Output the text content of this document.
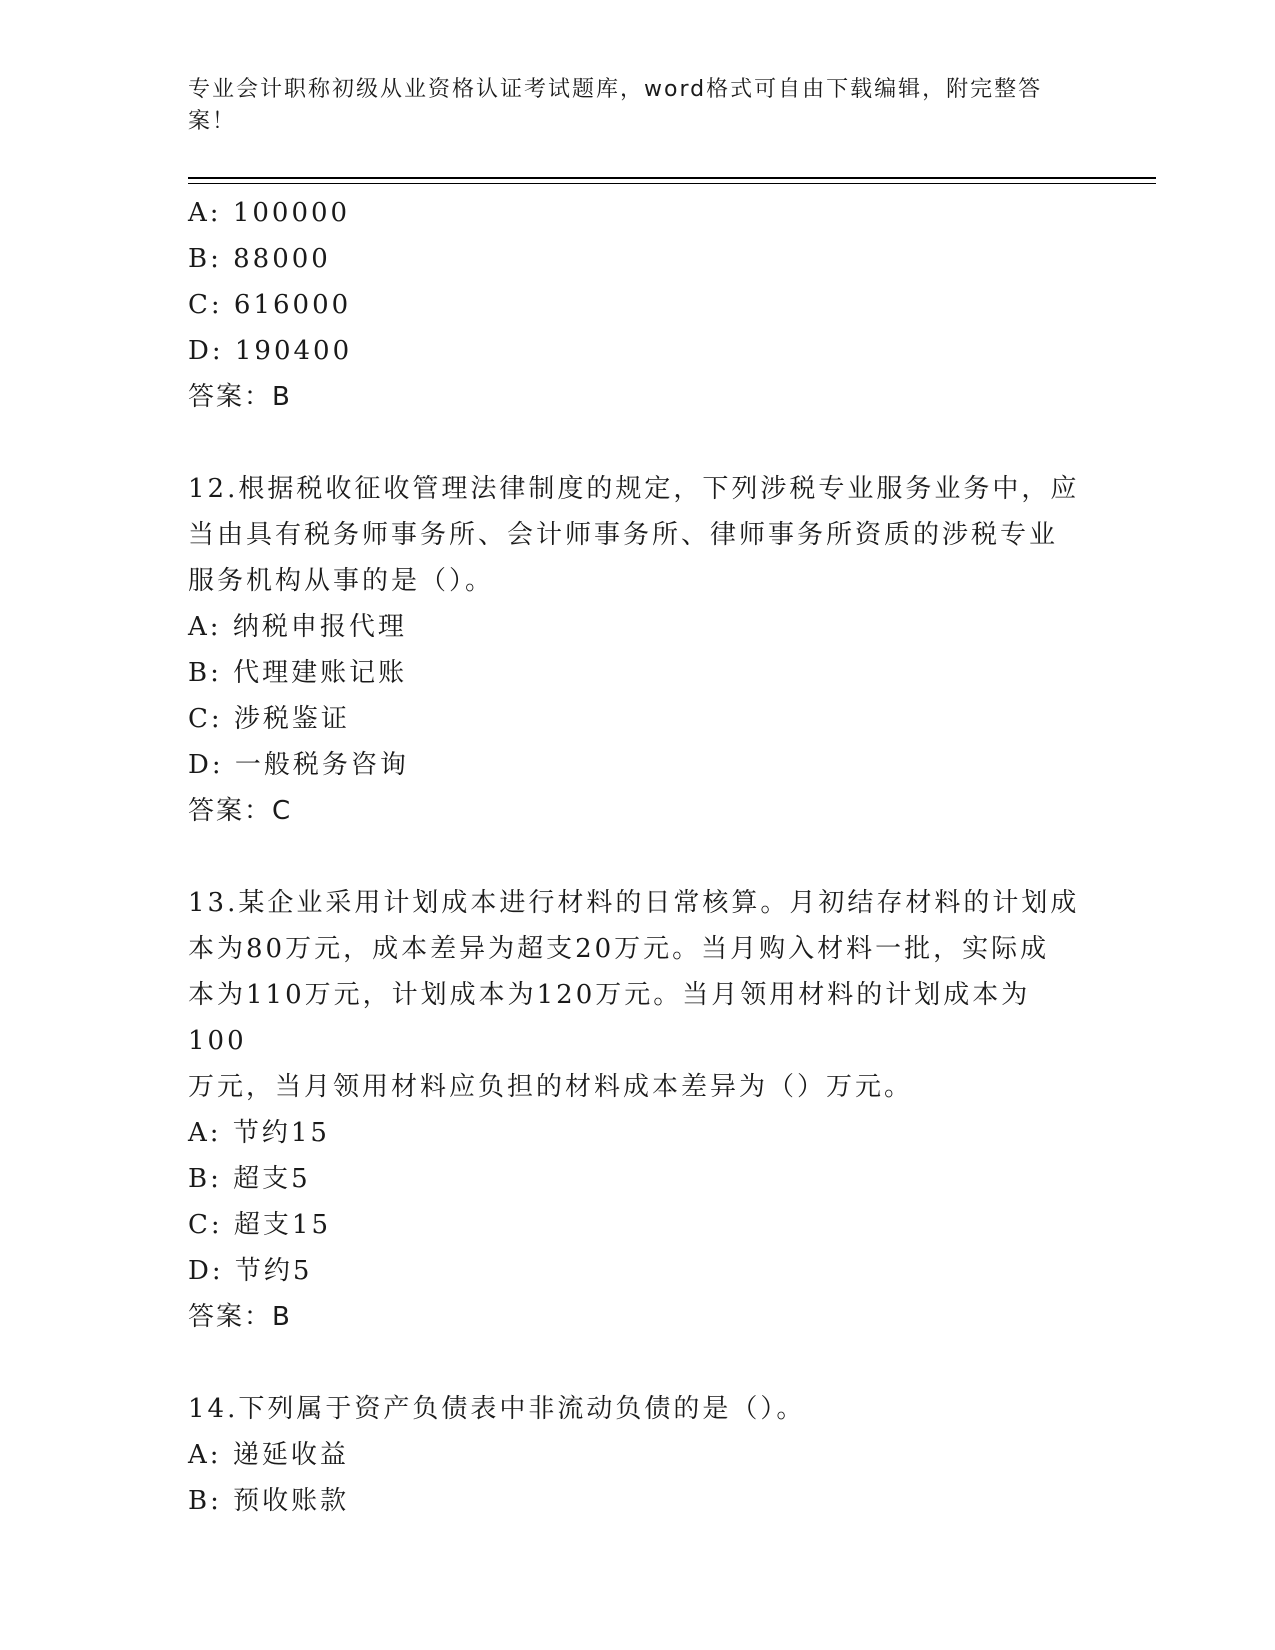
专业会计职称初级从业资格认证考试题库，word格式可自由下载编辑，附完整答
案！
A: 100000
B: 88000
C: 616000
D: 190400
答案：B
12.根据税收征收管理法律制度的规定，下列涉税专业服务业务中，应
当由具有税务师事务所、会计师事务所、律师事务所资质的涉税专业
服务机构从事的是（）。
A: 纳税申报代理
B: 代理建账记账
C: 涉税鉴证
D: 一般税务咨询
答案：C
13.某企业采用计划成本进行材料的日常核算。月初结存材料的计划成
本为80万元，成本差异为超支20万元。当月购入材料一批，实际成
本为110万元，计划成本为120万元。当月领用材料的计划成本为100
万元，当月领用材料应负担的材料成本差异为（）万元。
A: 节约15
B: 超支5
C: 超支15
D: 节约5
答案：B
14.下列属于资产负债表中非流动负债的是（）。
A: 递延收益
B: 预收账款
